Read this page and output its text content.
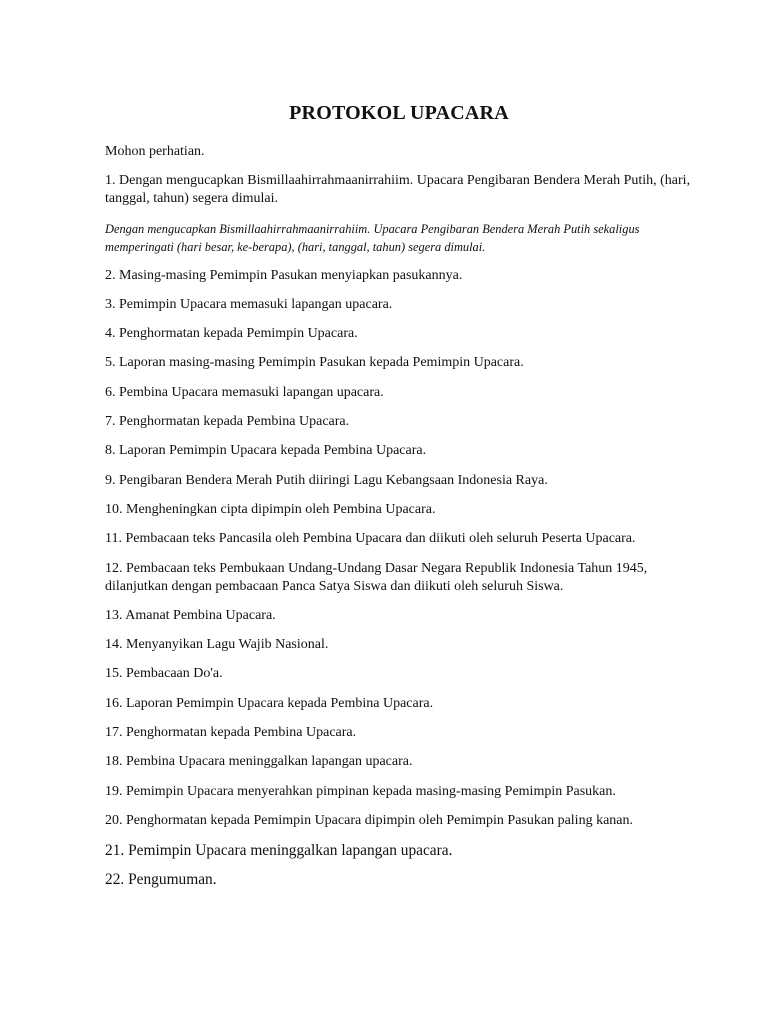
PROTOKOL UPACARA

Mohon perhatian.

1. Dengan mengucapkan Bismillaahirrahmaanirrahiim. Upacara Pengibaran Bendera Merah Putih, (hari, tanggal, tahun) segera dimulai.

Dengan mengucapkan Bismillaahirrahmaanirrahiim. Upacara Pengibaran Bendera Merah Putih sekaligus memperingati (hari besar, ke-berapa), (hari, tanggal, tahun) segera dimulai.

2. Masing-masing Pemimpin Pasukan menyiapkan pasukannya.

3. Pemimpin Upacara memasuki lapangan upacara.

4. Penghormatan kepada Pemimpin Upacara.

5. Laporan masing-masing Pemimpin Pasukan kepada Pemimpin Upacara.

6. Pembina Upacara memasuki lapangan upacara.

7. Penghormatan kepada Pembina Upacara.

8. Laporan Pemimpin Upacara kepada Pembina Upacara.

9. Pengibaran Bendera Merah Putih diiringi Lagu Kebangsaan Indonesia Raya.

10. Mengheningkan cipta dipimpin oleh Pembina Upacara.

11. Pembacaan teks Pancasila oleh Pembina Upacara dan diikuti oleh seluruh Peserta Upacara.

12. Pembacaan teks Pembukaan Undang-Undang Dasar Negara Republik Indonesia Tahun 1945, dilanjutkan dengan pembacaan Panca Satya Siswa dan diikuti oleh seluruh Siswa.

13. Amanat Pembina Upacara.

14. Menyanyikan Lagu Wajib Nasional.

15. Pembacaan Do'a.

16. Laporan Pemimpin Upacara kepada Pembina Upacara.

17. Penghormatan kepada Pembina Upacara.

18. Pembina Upacara meninggalkan lapangan upacara.

19. Pemimpin Upacara menyerahkan pimpinan kepada masing-masing Pemimpin Pasukan.

20. Penghormatan kepada Pemimpin Upacara dipimpin oleh Pemimpin Pasukan paling kanan.

21. Pemimpin Upacara meninggalkan lapangan upacara.

22. Pengumuman.
